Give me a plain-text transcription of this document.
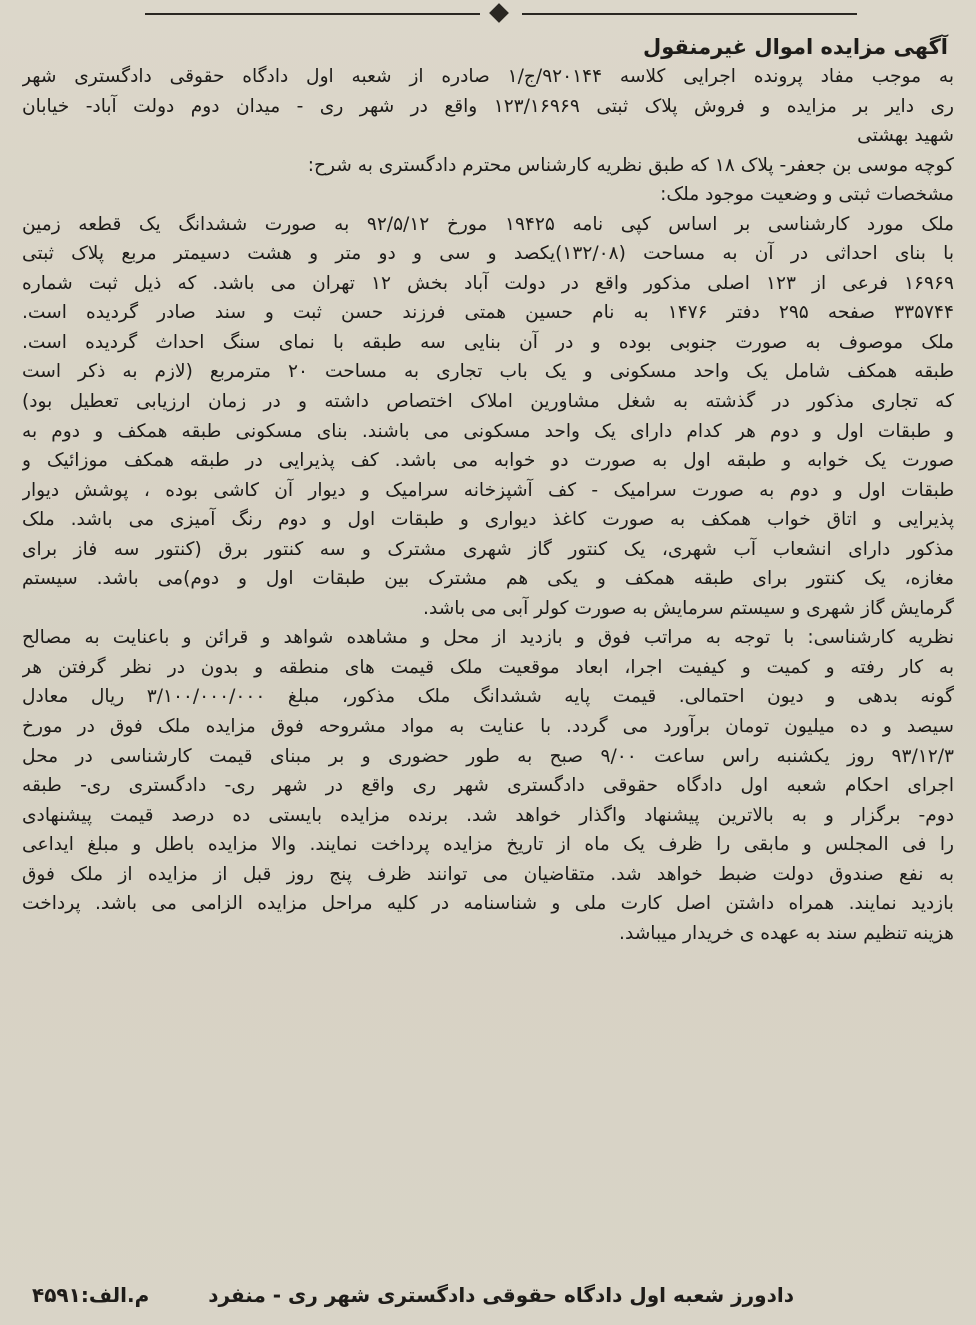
آگهی مزایده اموال غیرمنقول

به موجب مفاد پرونده اجرایی کلاسه ۹۲۰۱۴۴/ج/۱ صادره از شعبه اول دادگاه حقوقی دادگستری شهر

ری دایر بر مزایده و فروش پلاک ثبتی ۱۲۳/۱۶۹۶۹ واقع در شهر ری - میدان دوم دولت آباد- خیابان

شهید بهشتی

کوچه موسی بن جعفر- پلاک ۱۸ که طبق نظریه کارشناس محترم دادگستری به شرح:

مشخصات ثبتی و وضعیت موجود ملک:

ملک مورد کارشناسی بر اساس کپی نامه ۱۹۴۲۵ مورخ ۹۲/۵/۱۲ به صورت ششدانگ یک قطعه زمین

با بنای احداثی در آن به مساحت (۱۳۲/۰۸)یکصد و سی و دو متر و هشت دسیمتر مربع پلاک ثبتی

۱۶۹۶۹ فرعی از ۱۲۳ اصلی مذکور واقع در دولت آباد بخش ۱۲ تهران می باشد. که ذیل ثبت شماره

۳۳۵۷۴۴ صفحه ۲۹۵ دفتر ۱۴۷۶ به نام حسین همتی فرزند حسن ثبت و سند صادر گردیده است.

ملک موصوف به صورت جنوبی بوده و در آن بنایی سه طبقه با نمای سنگ احداث گردیده است.

طبقه همکف شامل یک واحد مسکونی و یک باب تجاری به مساحت ۲۰ مترمربع (لازم به ذکر است

که تجاری مذکور در گذشته به شغل مشاورین املاک اختصاص داشته و در زمان ارزیابی تعطیل بود)

و طبقات اول و دوم هر کدام دارای یک واحد مسکونی می باشند. بنای مسکونی طبقه همکف و دوم به

صورت یک خوابه و طبقه اول به صورت دو خوابه می باشد. کف پذیرایی در طبقه همکف موزائیک و

طبقات اول و دوم به صورت سرامیک - کف آشپزخانه سرامیک و دیوار آن کاشی بوده ، پوشش دیوار

پذیرایی و اتاق خواب همکف به صورت کاغذ دیواری و طبقات اول و دوم رنگ آمیزی می باشد. ملک

مذکور دارای انشعاب آب شهری، یک کنتور گاز شهری مشترک و سه کنتور برق (کنتور سه فاز برای

مغازه، یک کنتور برای طبقه همکف و یکی هم مشترک بین طبقات اول و دوم)می باشد. سیستم

گرمایش گاز شهری و سیستم سرمایش به صورت کولر آبی می باشد.

نظریه کارشناسی: با توجه به مراتب فوق و بازدید از محل و مشاهده شواهد و قرائن و باعنایت به مصالح

به کار رفته و کمیت و کیفیت اجرا، ابعاد موقعیت ملک قیمت های منطقه و بدون در نظر گرفتن هر

گونه بدهی و دیون احتمالی. قیمت پایه ششدانگ ملک مذکور، مبلغ ۳/۱۰۰/۰۰۰/۰۰۰ ریال معادل

سیصد و ده میلیون تومان برآورد می گردد. با عنایت به مواد مشروحه فوق مزایده ملک فوق در مورخ

۹۳/۱۲/۳ روز یکشنبه راس ساعت ۹/۰۰ صبح به طور حضوری و بر مبنای قیمت کارشناسی در محل

اجرای احکام شعبه اول دادگاه حقوقی دادگستری شهر ری واقع در شهر ری- دادگستری ری- طبقه

دوم- برگزار و به بالاترین پیشنهاد واگذار خواهد شد. برنده مزایده بایستی ده درصد قیمت پیشنهادی

را فی المجلس و مابقی را ظرف یک ماه از تاریخ مزایده پرداخت نمایند. والا مزایده باطل و مبلغ ایداعی

به نفع صندوق دولت ضبط خواهد شد. متقاضیان می توانند ظرف پنج روز قبل از مزایده از ملک فوق

بازدید نمایند. همراه داشتن اصل کارت ملی و شناسنامه در کلیه مراحل مزایده الزامی می باشد. پرداخت

هزینه تنظیم سند به عهده ی خریدار میباشد.

دادورز شعبه اول دادگاه حقوقی دادگستری شهر ری - منفرد
م.الف:۴۵۹۱
